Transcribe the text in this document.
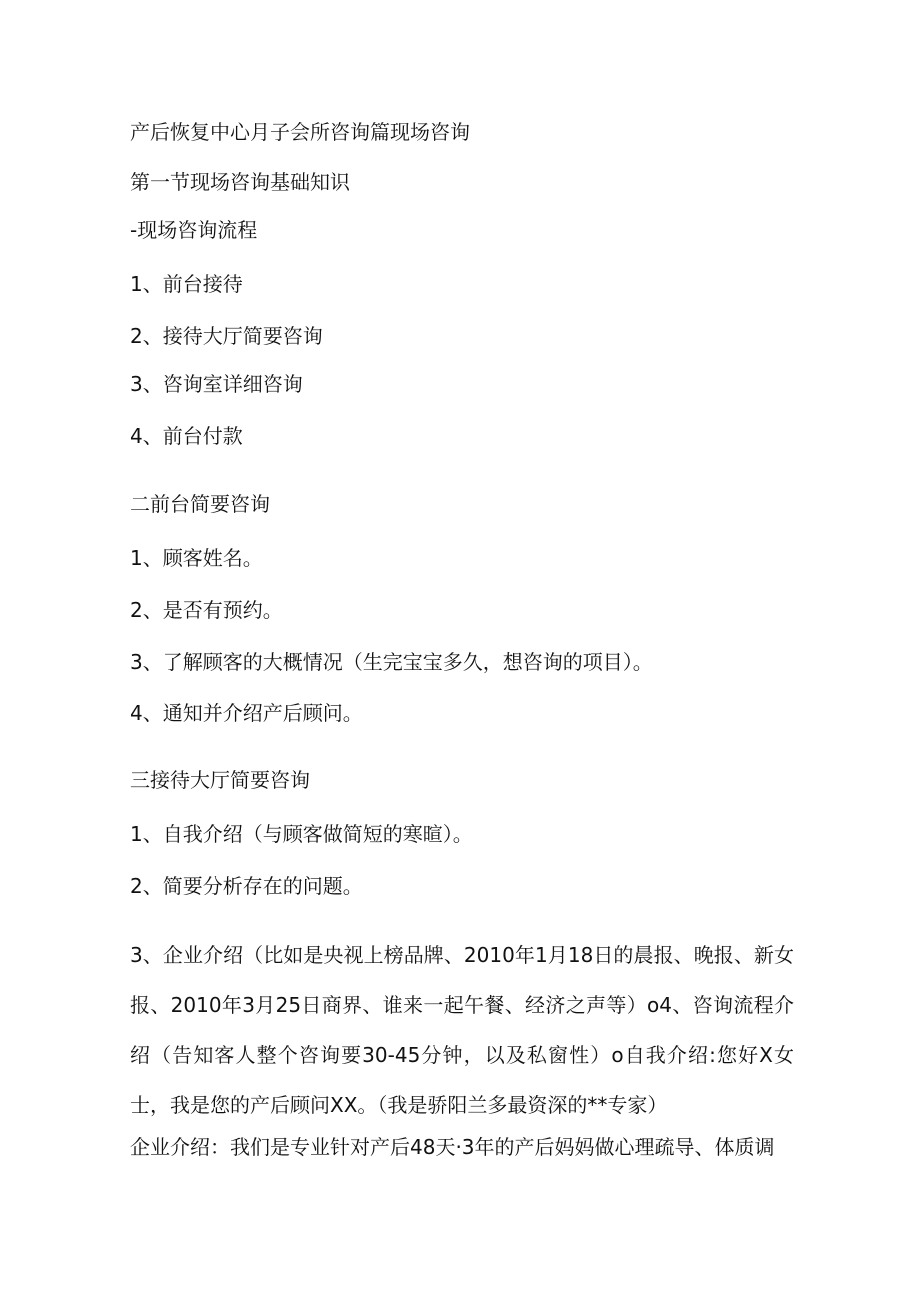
产后恢复中心月子会所咨询篇现场咨询
第一节现场咨询基础知识
-现场咨询流程
1、前台接待
2、接待大厅简要咨询
3、咨询室详细咨询
4、前台付款
二前台简要咨询
1、顾客姓名。
2、是否有预约。
3、了解顾客的大概情况（生完宝宝多久，想咨询的项目）。
4、通知并介绍产后顾问。
三接待大厅简要咨询
1、自我介绍（与顾客做简短的寒暄）。
2、简要分析存在的问题。
3、企业介绍（比如是央视上榜品牌、2010年1月18日的晨报、晚报、新女报、2010年3月25日商界、谁来一起午餐、经济之声等）o4、咨询流程介绍（告知客人整个咨询要30-45分钟，以及私窗性）o自我介绍:您好X女士，我是您的产后顾问XX。（我是骄阳兰多最资深的**专家）
企业介绍：我们是专业针对产后48天·3年的产后妈妈做心理疏导、体质调
